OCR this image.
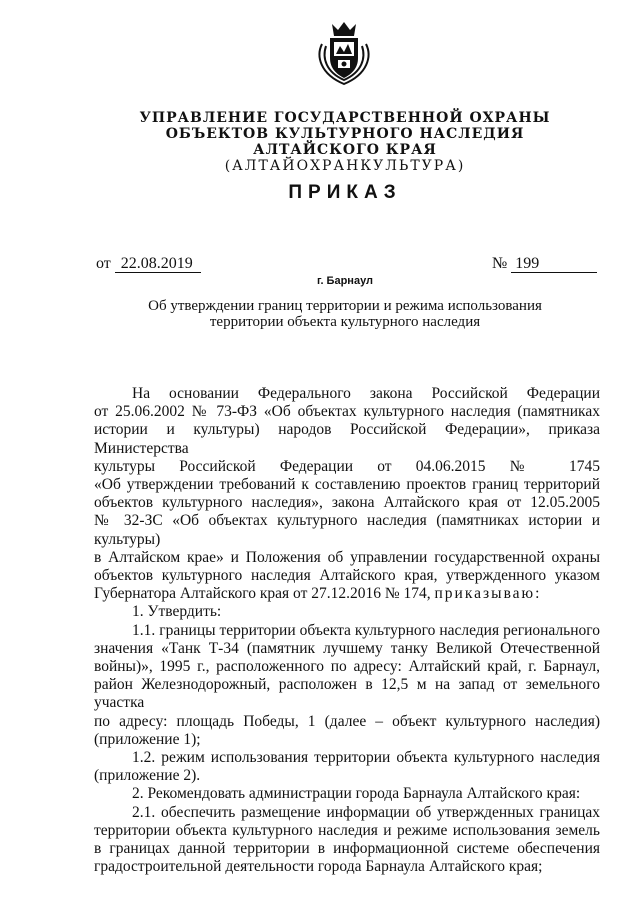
УПРАВЛЕНИЕ ГОСУДАРСТВЕННОЙ ОХРАНЫ
ОБЪЕКТОВ КУЛЬТУРНОГО НАСЛЕДИЯ
АЛТАЙСКОГО КРАЯ
(АЛТАЙОХРАНКУЛЬТУРА)
ПРИКАЗ
от 22.08.2019	№ 199
г. Барнаул
Об утверждении границ территории и режима использования
территории объекта культурного наследия

На основании Федерального закона Российской Федерации

от 25.06.2002 № 73-ФЗ «Об объектах культурного наследия (памятниках

истории и культуры) народов Российской Федерации», приказа Министерства

культуры Российской Федерации от 04.06.2015 № 1745

«Об утверждении требований к составлению проектов границ территорий

объектов культурного наследия», закона Алтайского края от 12.05.2005

№ 32-ЗС «Об объектах культурного наследия (памятниках истории и культуры)

в Алтайском крае» и Положения об управлении государственной охраны

объектов культурного наследия Алтайского края, утвержденного указом

Губернатора Алтайского края от 27.12.2016 № 174, приказываю:

1. Утвердить:

1.1. границы территории объекта культурного наследия регионального

значения «Танк Т-34 (памятник лучшему танку Великой Отечественной

войны)», 1995 г., расположенного по адресу: Алтайский край, г. Барнаул,

район Железнодорожный, расположен в 12,5 м на запад от земельного участка

по адресу: площадь Победы, 1 (далее – объект культурного наследия)

(приложение 1);

1.2. режим использования территории объекта культурного наследия

(приложение 2).

2. Рекомендовать администрации города Барнаула Алтайского края:

2.1. обеспечить размещение информации об утвержденных границах

территории объекта культурного наследия и режиме использования земель

в границах данной территории в информационной системе обеспечения

градостроительной деятельности города Барнаула Алтайского края;
